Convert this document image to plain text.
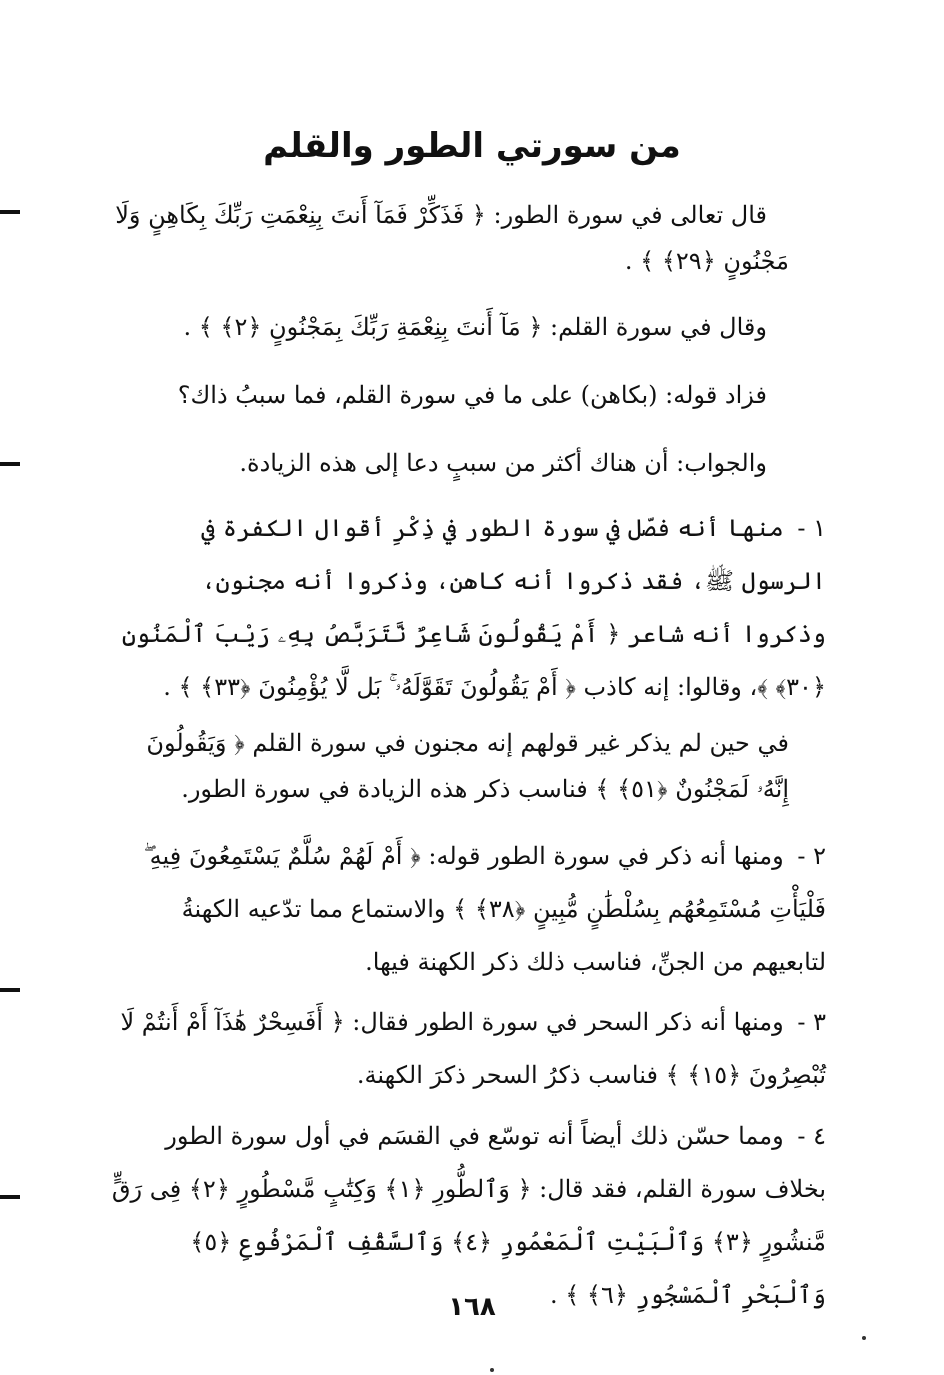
من سورتي الطور والقلم

قال تعالى في سورة الطور: ﴿ فَذَكِّرْ فَمَآ أَنتَ بِنِعْمَتِ رَبِّكَ بِكَاهِنٍ وَلَا مَجْنُونٍ ﴿٢٩﴾ ﴾ .

وقال في سورة القلم: ﴿ مَآ أَنتَ بِنِعْمَةِ رَبِّكَ بِمَجْنُونٍ ﴿٢﴾ ﴾ .

فزاد قوله: (بكاهن) على ما في سورة القلم، فما سببُ ذاك؟

والجواب: أن هناك أكثر من سببٍ دعا إلى هذه الزيادة.

١ - منها أنه فصّل في سورة الطور في ذِكْرِ أقوال الكفرة في الرسول ﷺ، فقد ذكروا أنه كاهن، وذكروا أنه مجنون، وذكروا أنه شاعر ﴿ أَمْ يَقُولُونَ شَاعِرٌ نَّتَرَبَّصُ بِهِۦ رَيْبَ ٱلْمَنُونِ ﴿٣٠﴾ ﴾، وقالوا: إنه كاذب ﴿ أَمْ يَقُولُونَ تَقَوَّلَهُۥ ۚ بَل لَّا يُؤْمِنُونَ ﴿٣٣﴾ ﴾ .

في حين لم يذكر غير قولهم إنه مجنون في سورة القلم ﴿ وَيَقُولُونَ إِنَّهُۥ لَمَجْنُونٌ ﴿٥١﴾ ﴾ فناسب ذكر هذه الزيادة في سورة الطور.

٢ - ومنها أنه ذكر في سورة الطور قوله: ﴿ أَمْ لَهُمْ سُلَّمٌ يَسْتَمِعُونَ فِيهِ ۖ فَلْيَأْتِ مُسْتَمِعُهُم بِسُلْطَٰنٍ مُّبِينٍ ﴿٣٨﴾ ﴾ والاستماع مما تدّعيه الكهنةُ لتابعيهم من الجنِّ، فناسب ذلك ذكر الكهنة فيها.
٣ - ومنها أنه ذكر السحر في سورة الطور فقال: ﴿ أَفَسِحْرٌ هَٰذَآ أَمْ أَنتُمْ لَا تُبْصِرُونَ ﴿١٥﴾ ﴾ فناسب ذكرُ السحر ذكرَ الكهنة.
٤ - ومما حسّن ذلك أيضاً أنه توسّع في القسَم في أول سورة الطور بخلاف سورة القلم، فقد قال: ﴿ وَٱلطُّورِ ﴿١﴾ وَكِتَٰبٍ مَّسْطُورٍ ﴿٢﴾ فِى رَقٍّ مَّنشُورٍ ﴿٣﴾ وَٱلْبَيْتِ ٱلْمَعْمُورِ ﴿٤﴾ وَٱلسَّقْفِ ٱلْمَرْفُوعِ ﴿٥﴾ وَٱلْبَحْرِ ٱلْمَسْجُورِ ﴿٦﴾ ﴾ .
١٦٨
